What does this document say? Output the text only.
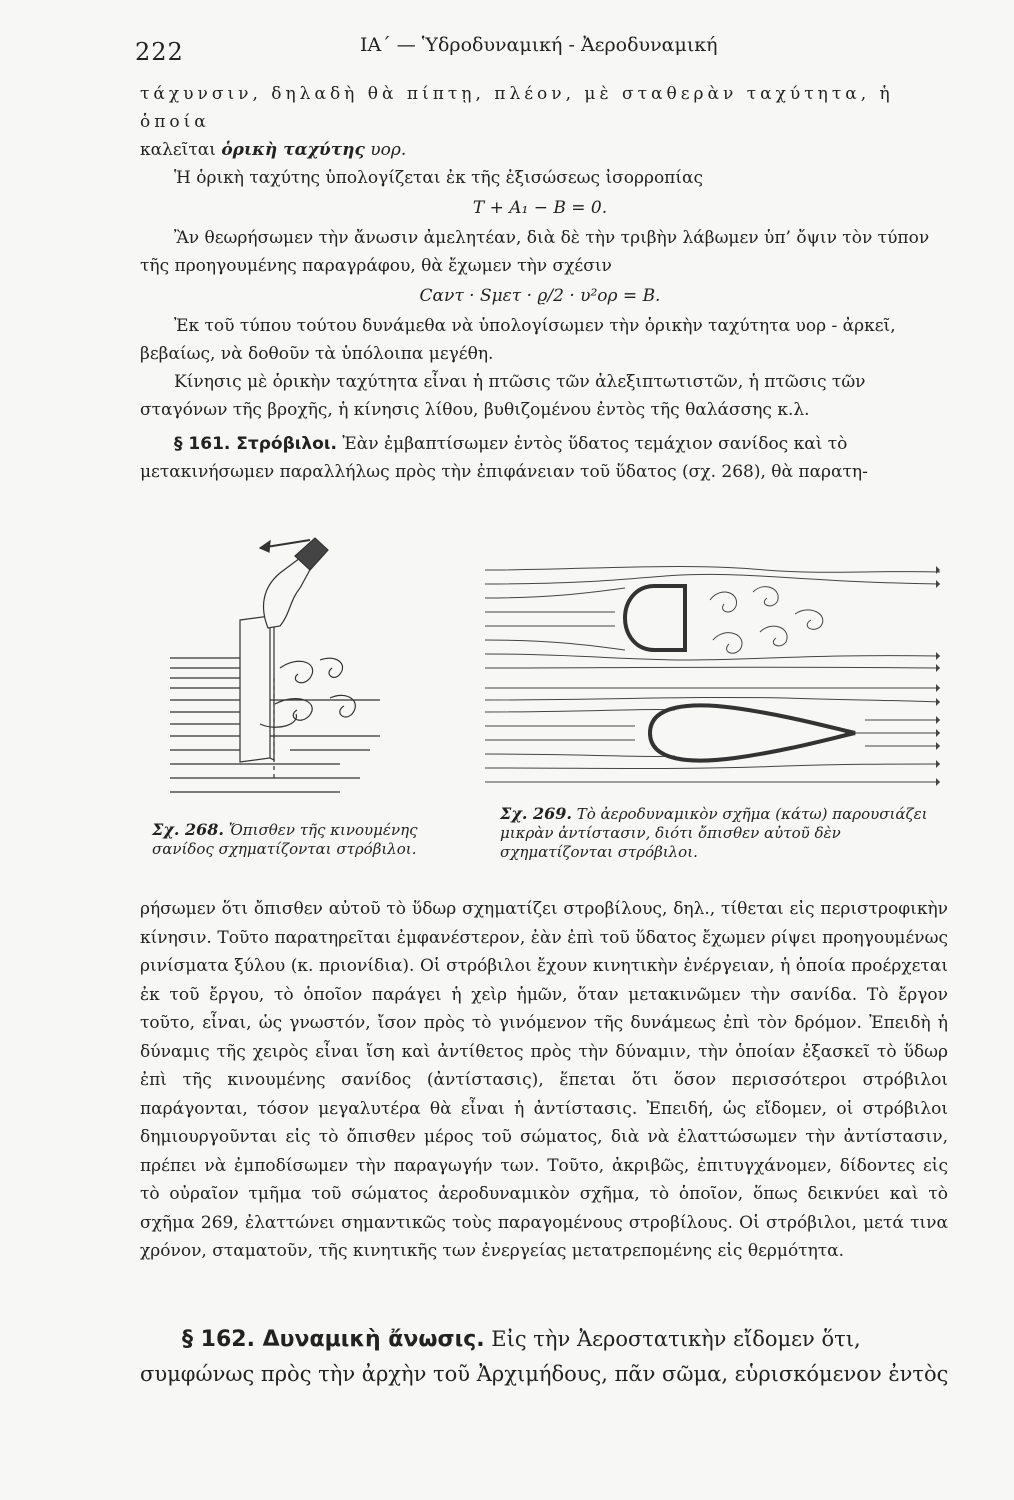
222	ΙΑ΄ — Ὑδροδυναμική - Ἀεροδυναμική

τάχυνσιν, δηλαδὴ θὰ πίπτῃ, πλέον, μὲ σταθερὰν ταχύτητα, ἡ ὁποία
καλεῖται ὁρικὴ ταχύτης υορ.

Ἡ ὁρικὴ ταχύτης ὑπολογίζεται ἐκ τῆς ἐξισώσεως ἰσορροπίας

T + A₁ − B = 0.

Ἂν θεωρήσωμεν τὴν ἄνωσιν ἀμελητέαν, διὰ δὲ τὴν τριβὴν λάβωμεν ὑπ’ ὄψιν τὸν τύπον τῆς προηγουμένης παραγράφου, θὰ ἔχωμεν τὴν σχέσιν

Cαντ · Sμετ · ϱ/2 · υ²ορ = B.

Ἐκ τοῦ τύπου τούτου δυνάμεθα νὰ ὑπολογίσωμεν τὴν ὁρικὴν ταχύτητα υορ - ἀρκεῖ, βεβαίως, νὰ δοθοῦν τὰ ὑπόλοιπα μεγέθη.

Κίνησις μὲ ὁρικὴν ταχύτητα εἶναι ἡ πτῶσις τῶν ἀλεξιπτωτιστῶν, ἡ πτῶσις τῶν σταγόνων τῆς βροχῆς, ἡ κίνησις λίθου, βυθιζομένου ἐντὸς τῆς θαλάσσης κ.λ.

§ 161. Στρόβιλοι. Ἐὰν ἐμβαπτίσωμεν ἐντὸς ὕδατος τεμάχιον σανίδος καὶ τὸ μετακινήσωμεν παραλλήλως πρὸς τὴν ἐπιφάνειαν τοῦ ὕδατος (σχ. 268), θὰ παρατη-

Σχ. 268. Ὄπισθεν τῆς κινουμένης σανίδος σχηματίζονται στρόβιλοι.
Σχ. 269. Τὸ ἀεροδυναμικὸν σχῆμα (κάτω) παρουσιάζει μικρὰν ἀντίστασιν, διότι ὄπισθεν αὐτοῦ δὲν σχηματίζονται στρόβιλοι.

ρήσωμεν ὅτι ὄπισθεν αὐτοῦ τὸ ὕδωρ σχηματίζει στροβίλους, δηλ., τίθεται εἰς περιστροφικὴν κίνησιν. Τοῦτο παρατηρεῖται ἐμφανέστερον, ἐὰν ἐπὶ τοῦ ὕδατος ἔχωμεν ρίψει προηγουμένως ρινίσματα ξύλου (κ. πριονίδια). Οἱ στρόβιλοι ἔχουν κινητικὴν ἐνέργειαν, ἡ ὁποία προέρχεται ἐκ τοῦ ἔργου, τὸ ὁποῖον παράγει ἡ χεὶρ ἡμῶν, ὅταν μετακινῶμεν τὴν σανίδα. Τὸ ἔργον τοῦτο, εἶναι, ὡς γνωστόν, ἴσον πρὸς τὸ γινόμενον τῆς δυνάμεως ἐπὶ τὸν δρόμον. Ἐπειδὴ ἡ δύναμις τῆς χειρὸς εἶναι ἴση καὶ ἀντίθετος πρὸς τὴν δύναμιν, τὴν ὁποίαν ἐξασκεῖ τὸ ὕδωρ ἐπὶ τῆς κινουμένης σανίδος (ἀντίστασις), ἕπεται ὅτι ὅσον περισσότεροι στρόβιλοι παράγονται, τόσον μεγαλυτέρα θὰ εἶναι ἡ ἀντίστασις. Ἐπειδή, ὡς εἴδομεν, οἱ στρόβιλοι δημιουργοῦνται εἰς τὸ ὄπισθεν μέρος τοῦ σώματος, διὰ νὰ ἐλαττώσωμεν τὴν ἀντίστασιν, πρέπει νὰ ἐμποδίσωμεν τὴν παραγωγήν των. Τοῦτο, ἀκριβῶς, ἐπιτυγχάνομεν, δίδοντες εἰς τὸ οὐραῖον τμῆμα τοῦ σώματος ἀεροδυναμικὸν σχῆμα, τὸ ὁποῖον, ὅπως δεικνύει καὶ τὸ σχῆμα 269, ἐλαττώνει σημαντικῶς τοὺς παραγομένους στροβίλους. Οἱ στρόβιλοι, μετά τινα χρόνον, σταματοῦν, τῆς κινητικῆς των ἐνεργείας μετατρεπομένης εἰς θερμότητα.

§ 162. Δυναμικὴ ἄνωσις. Εἰς τὴν Ἀεροστατικὴν εἴδομεν ὅτι, συμφώνως πρὸς τὴν ἀρχὴν τοῦ Ἀρχιμήδους, πᾶν σῶμα, εὑρισκόμενον ἐντὸς
